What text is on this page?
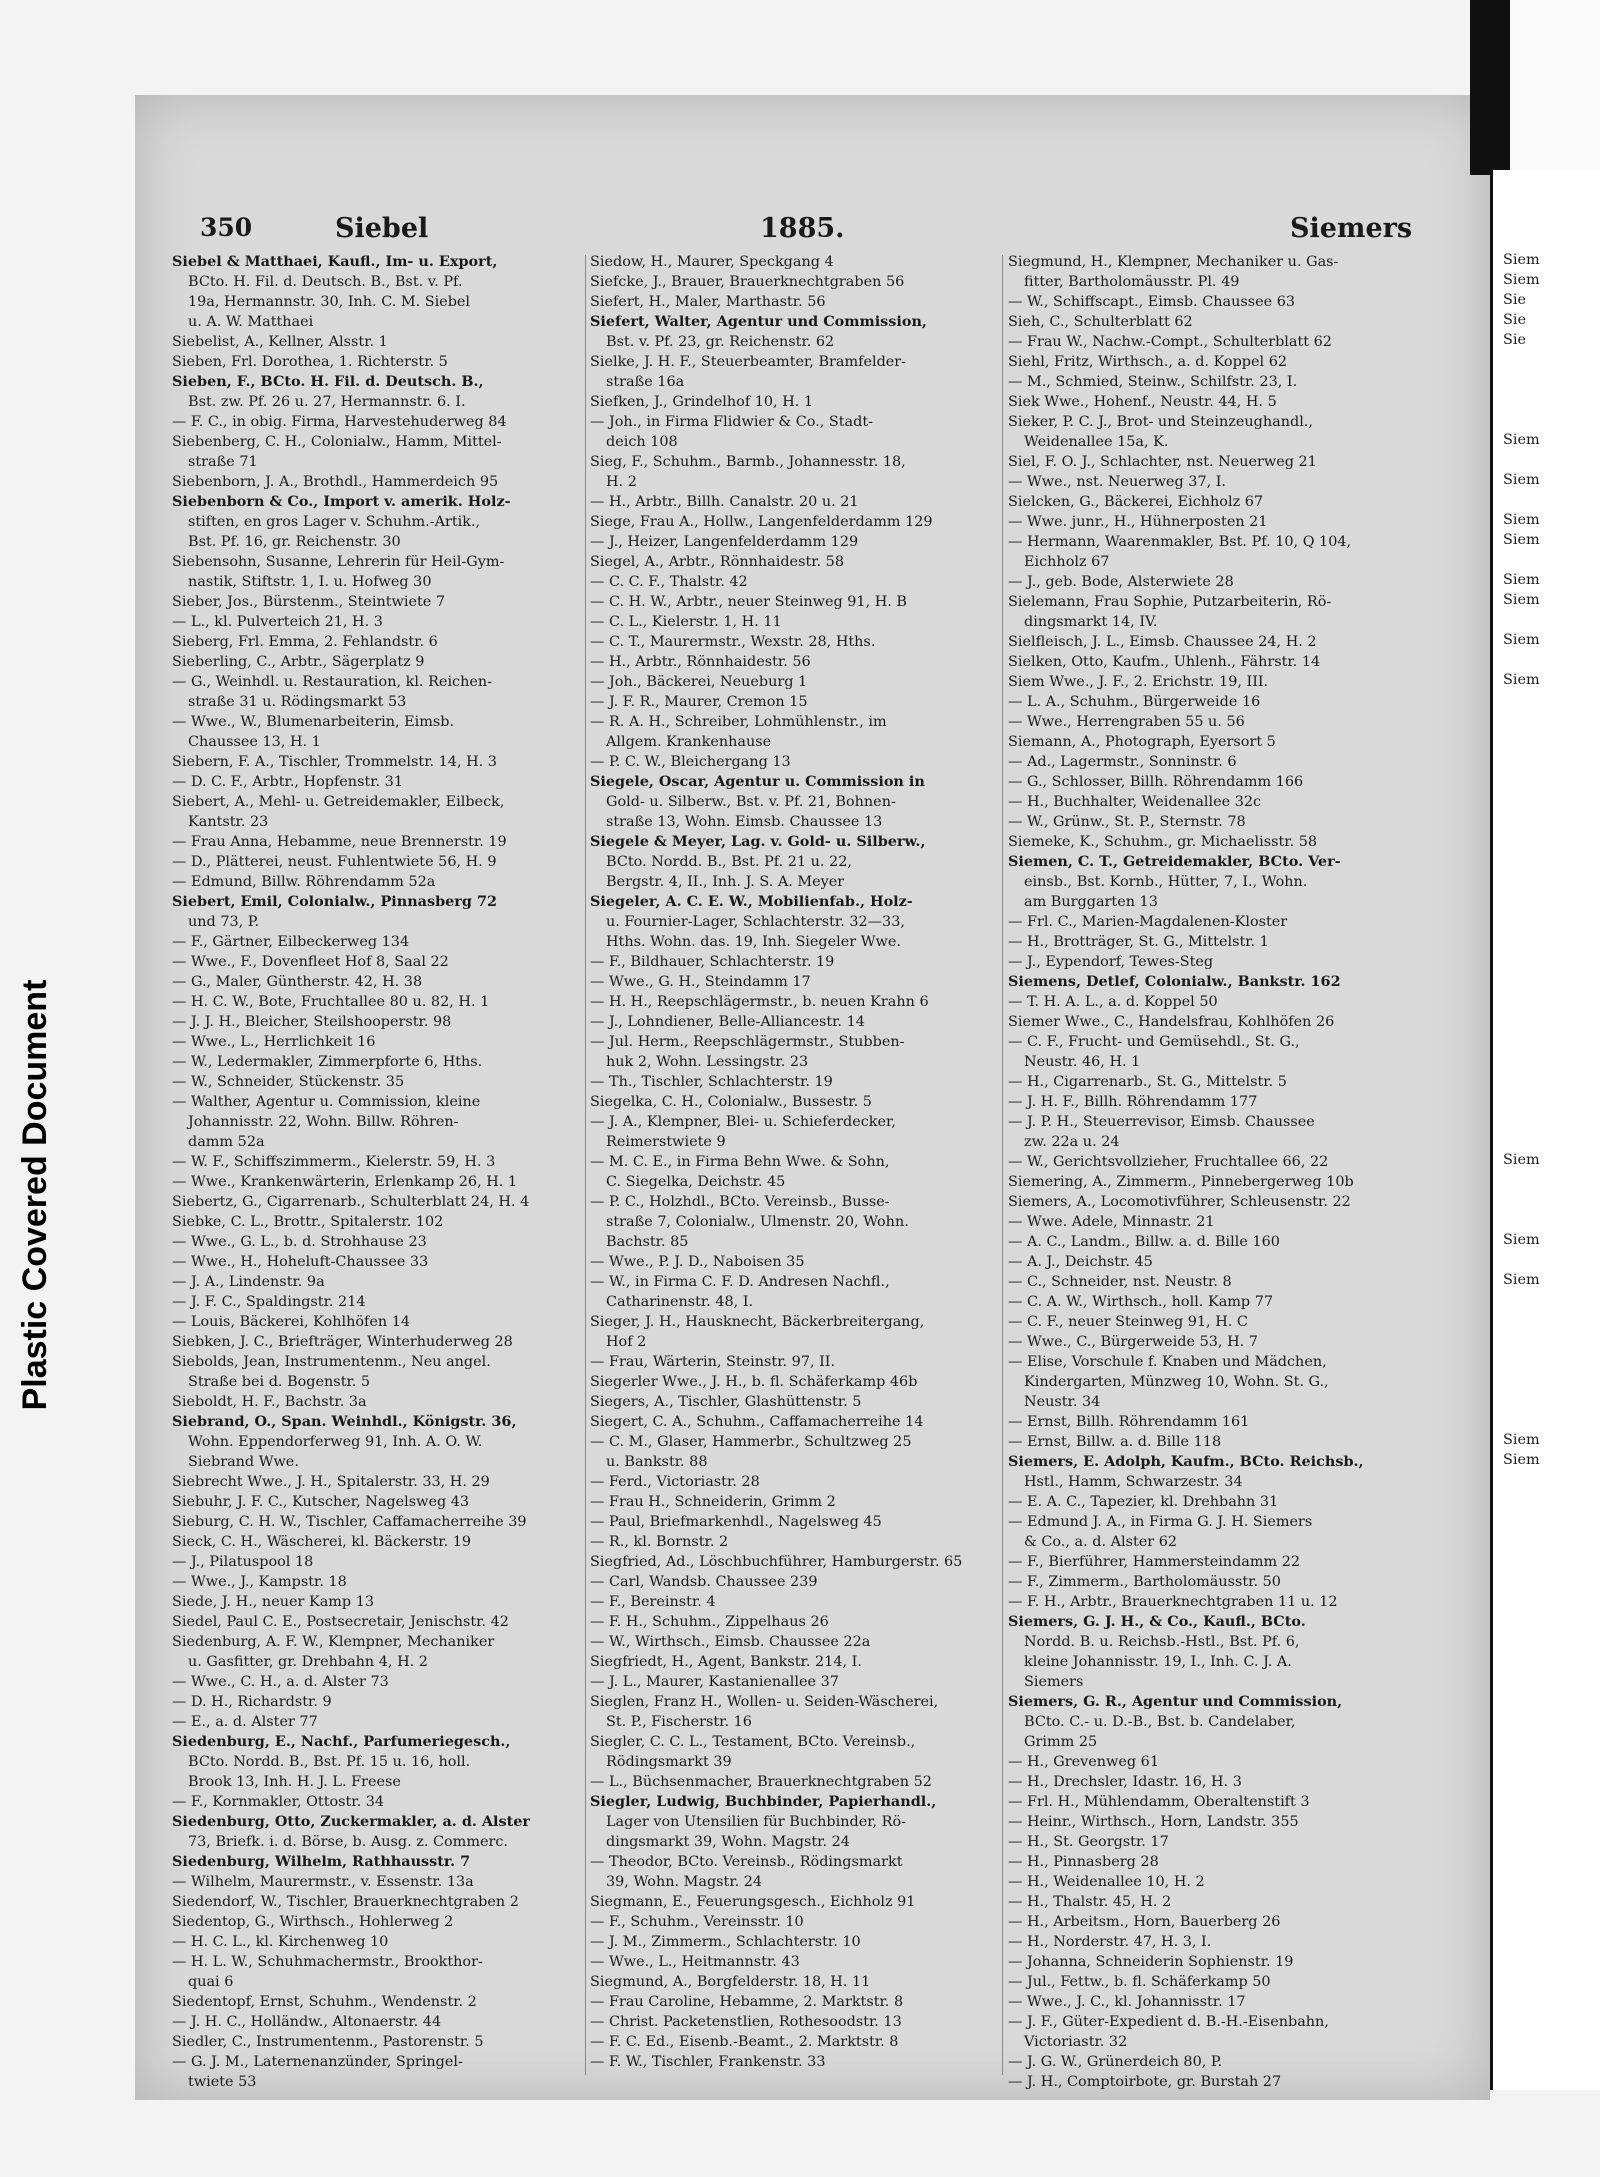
Siem
Siem
Sie
Sie
Sie
Siem
Siem
Siem
Siem
Siem
Siem
Siem
Siem
Siem
Siem
Siem
Siem
Siem
Plastic Covered Document
350	Siebel	1885.	Siemers
Siebel & Matthaei, Kaufl., Im- u. Export,
BCto. H. Fil. d. Deutsch. B., Bst. v. Pf.
19a, Hermannstr. 30, Inh. C. M. Siebel
u. A. W. Matthaei
Siebelist, A., Kellner, Alsstr. 1
Sieben, Frl. Dorothea, 1. Richterstr. 5
Sieben, F., BCto. H. Fil. d. Deutsch. B.,
Bst. zw. Pf. 26 u. 27, Hermannstr. 6. I.
— F. C., in obig. Firma, Harvestehuderweg 84
Siebenberg, C. H., Colonialw., Hamm, Mittel-
straße 71
Siebenborn, J. A., Brothdl., Hammerdeich 95
Siebenborn & Co., Import v. amerik. Holz-
stiften, en gros Lager v. Schuhm.-Artik.,
Bst. Pf. 16, gr. Reichenstr. 30
Siebensohn, Susanne, Lehrerin für Heil-Gym-
nastik, Stiftstr. 1, I. u. Hofweg 30
Sieber, Jos., Bürstenm., Steintwiete 7
— L., kl. Pulverteich 21, H. 3
Sieberg, Frl. Emma, 2. Fehlandstr. 6
Sieberling, C., Arbtr., Sägerplatz 9
— G., Weinhdl. u. Restauration, kl. Reichen-
straße 31 u. Rödingsmarkt 53
— Wwe., W., Blumenarbeiterin, Eimsb.
Chaussee 13, H. 1
Siebern, F. A., Tischler, Trommelstr. 14, H. 3
— D. C. F., Arbtr., Hopfenstr. 31
Siebert, A., Mehl- u. Getreidemakler, Eilbeck,
Kantstr. 23
— Frau Anna, Hebamme, neue Brennerstr. 19
— D., Plätterei, neust. Fuhlentwiete 56, H. 9
— Edmund, Billw. Röhrendamm 52a
Siebert, Emil, Colonialw., Pinnasberg 72
und 73, P.
— F., Gärtner, Eilbeckerweg 134
— Wwe., F., Dovenfleet Hof 8, Saal 22
— G., Maler, Güntherstr. 42, H. 38
— H. C. W., Bote, Fruchtallee 80 u. 82, H. 1
— J. J. H., Bleicher, Steilshooperstr. 98
— Wwe., L., Herrlichkeit 16
— W., Ledermakler, Zimmerpforte 6, Hths.
— W., Schneider, Stückenstr. 35
— Walther, Agentur u. Commission, kleine
Johannisstr. 22, Wohn. Billw. Röhren-
damm 52a
— W. F., Schiffszimmerm., Kielerstr. 59, H. 3
— Wwe., Krankenwärterin, Erlenkamp 26, H. 1
Siebertz, G., Cigarrenarb., Schulterblatt 24, H. 4
Siebke, C. L., Brottr., Spitalerstr. 102
— Wwe., G. L., b. d. Strohhause 23
— Wwe., H., Hoheluft-Chaussee 33
— J. A., Lindenstr. 9a
— J. F. C., Spaldingstr. 214
— Louis, Bäckerei, Kohlhöfen 14
Siebken, J. C., Briefträger, Winterhuderweg 28
Siebolds, Jean, Instrumentenm., Neu angel.
Straße bei d. Bogenstr. 5
Sieboldt, H. F., Bachstr. 3a
Siebrand, O., Span. Weinhdl., Königstr. 36,
Wohn. Eppendorferweg 91, Inh. A. O. W.
Siebrand Wwe.
Siebrecht Wwe., J. H., Spitalerstr. 33, H. 29
Siebuhr, J. F. C., Kutscher, Nagelsweg 43
Sieburg, C. H. W., Tischler, Caffamacherreihe 39
Sieck, C. H., Wäscherei, kl. Bäckerstr. 19
— J., Pilatuspool 18
— Wwe., J., Kampstr. 18
Siede, J. H., neuer Kamp 13
Siedel, Paul C. E., Postsecretair, Jenischstr. 42
Siedenburg, A. F. W., Klempner, Mechaniker
u. Gasfitter, gr. Drehbahn 4, H. 2
— Wwe., C. H., a. d. Alster 73
— D. H., Richardstr. 9
— E., a. d. Alster 77
Siedenburg, E., Nachf., Parfumeriegesch.,
BCto. Nordd. B., Bst. Pf. 15 u. 16, holl.
Brook 13, Inh. H. J. L. Freese
— F., Kornmakler, Ottostr. 34
Siedenburg, Otto, Zuckermakler, a. d. Alster
73, Briefk. i. d. Börse, b. Ausg. z. Commerc.
Siedenburg, Wilhelm, Rathhausstr. 7
— Wilhelm, Maurermstr., v. Essenstr. 13a
Siedendorf, W., Tischler, Brauerknechtgraben 2
Siedentop, G., Wirthsch., Hohlerweg 2
— H. C. L., kl. Kirchenweg 10
— H. L. W., Schuhmachermstr., Brookthor-
quai 6
Siedentopf, Ernst, Schuhm., Wendenstr. 2
— J. H. C., Holländw., Altonaerstr. 44
Siedler, C., Instrumentenm., Pastorenstr. 5
— G. J. M., Laternenanzünder, Springel-
twiete 53
Siedow, H., Maurer, Speckgang 4
Siefcke, J., Brauer, Brauerknechtgraben 56
Siefert, H., Maler, Marthastr. 56
Siefert, Walter, Agentur und Commission,
Bst. v. Pf. 23, gr. Reichenstr. 62
Sielke, J. H. F., Steuerbeamter, Bramfelder-
straße 16a
Siefken, J., Grindelhof 10, H. 1
— Joh., in Firma Flidwier & Co., Stadt-
deich 108
Sieg, F., Schuhm., Barmb., Johannesstr. 18,
H. 2
— H., Arbtr., Billh. Canalstr. 20 u. 21
Siege, Frau A., Hollw., Langenfelderdamm 129
— J., Heizer, Langenfelderdamm 129
Siegel, A., Arbtr., Rönnhaidestr. 58
— C. C. F., Thalstr. 42
— C. H. W., Arbtr., neuer Steinweg 91, H. B
— C. L., Kielerstr. 1, H. 11
— C. T., Maurermstr., Wexstr. 28, Hths.
— H., Arbtr., Rönnhaidestr. 56
— Joh., Bäckerei, Neueburg 1
— J. F. R., Maurer, Cremon 15
— R. A. H., Schreiber, Lohmühlenstr., im
Allgem. Krankenhause
— P. C. W., Bleichergang 13
Siegele, Oscar, Agentur u. Commission in
Gold- u. Silberw., Bst. v. Pf. 21, Bohnen-
straße 13, Wohn. Eimsb. Chaussee 13
Siegele & Meyer, Lag. v. Gold- u. Silberw.,
BCto. Nordd. B., Bst. Pf. 21 u. 22,
Bergstr. 4, II., Inh. J. S. A. Meyer
Siegeler, A. C. E. W., Mobilienfab., Holz-
u. Fournier-Lager, Schlachterstr. 32—33,
Hths. Wohn. das. 19, Inh. Siegeler Wwe.
— F., Bildhauer, Schlachterstr. 19
— Wwe., G. H., Steindamm 17
— H. H., Reepschlägermstr., b. neuen Krahn 6
— J., Lohndiener, Belle-Alliancestr. 14
— Jul. Herm., Reepschlägermstr., Stubben-
huk 2, Wohn. Lessingstr. 23
— Th., Tischler, Schlachterstr. 19
Siegelka, C. H., Colonialw., Bussestr. 5
— J. A., Klempner, Blei- u. Schieferdecker,
Reimerstwiete 9
— M. C. E., in Firma Behn Wwe. & Sohn,
C. Siegelka, Deichstr. 45
— P. C., Holzhdl., BCto. Vereinsb., Busse-
straße 7, Colonialw., Ulmenstr. 20, Wohn.
Bachstr. 85
— Wwe., P. J. D., Naboisen 35
— W., in Firma C. F. D. Andresen Nachfl.,
Catharinenstr. 48, I.
Sieger, J. H., Hausknecht, Bäckerbreitergang,
Hof 2
— Frau, Wärterin, Steinstr. 97, II.
Siegerler Wwe., J. H., b. fl. Schäferkamp 46b
Siegers, A., Tischler, Glashüttenstr. 5
Siegert, C. A., Schuhm., Caffamacherreihe 14
— C. M., Glaser, Hammerbr., Schultzweg 25
u. Bankstr. 88
— Ferd., Victoriastr. 28
— Frau H., Schneiderin, Grimm 2
— Paul, Briefmarkenhdl., Nagelsweg 45
— R., kl. Bornstr. 2
Siegfried, Ad., Löschbuchführer, Hamburgerstr. 65
— Carl, Wandsb. Chaussee 239
— F., Bereinstr. 4
— F. H., Schuhm., Zippelhaus 26
— W., Wirthsch., Eimsb. Chaussee 22a
Siegfriedt, H., Agent, Bankstr. 214, I.
— J. L., Maurer, Kastanienallee 37
Sieglen, Franz H., Wollen- u. Seiden-Wäscherei,
St. P., Fischerstr. 16
Siegler, C. C. L., Testament, BCto. Vereinsb.,
Rödingsmarkt 39
— L., Büchsenmacher, Brauerknechtgraben 52
Siegler, Ludwig, Buchbinder, Papierhandl.,
Lager von Utensilien für Buchbinder, Rö-
dingsmarkt 39, Wohn. Magstr. 24
— Theodor, BCto. Vereinsb., Rödingsmarkt
39, Wohn. Magstr. 24
Siegmann, E., Feuerungsgesch., Eichholz 91
— F., Schuhm., Vereinsstr. 10
— J. M., Zimmerm., Schlachterstr. 10
— Wwe., L., Heitmannstr. 43
Siegmund, A., Borgfelderstr. 18, H. 11
— Frau Caroline, Hebamme, 2. Marktstr. 8
— Christ. Packetenstlien, Rothesoodstr. 13
— F. C. Ed., Eisenb.-Beamt., 2. Marktstr. 8
— F. W., Tischler, Frankenstr. 33
Siegmund, H., Klempner, Mechaniker u. Gas-
fitter, Bartholomäusstr. Pl. 49
— W., Schiffscapt., Eimsb. Chaussee 63
Sieh, C., Schulterblatt 62
— Frau W., Nachw.-Compt., Schulterblatt 62
Siehl, Fritz, Wirthsch., a. d. Koppel 62
— M., Schmied, Steinw., Schilfstr. 23, I.
Siek Wwe., Hohenf., Neustr. 44, H. 5
Sieker, P. C. J., Brot- und Steinzeughandl.,
Weidenallee 15a, K.
Siel, F. O. J., Schlachter, nst. Neuerweg 21
— Wwe., nst. Neuerweg 37, I.
Sielcken, G., Bäckerei, Eichholz 67
— Wwe. junr., H., Hühnerposten 21
— Hermann, Waarenmakler, Bst. Pf. 10, Q 104,
Eichholz 67
— J., geb. Bode, Alsterwiete 28
Sielemann, Frau Sophie, Putzarbeiterin, Rö-
dingsmarkt 14, IV.
Sielfleisch, J. L., Eimsb. Chaussee 24, H. 2
Sielken, Otto, Kaufm., Uhlenh., Fährstr. 14
Siem Wwe., J. F., 2. Erichstr. 19, III.
— L. A., Schuhm., Bürgerweide 16
— Wwe., Herrengraben 55 u. 56
Siemann, A., Photograph, Eyersort 5
— Ad., Lagermstr., Sonninstr. 6
— G., Schlosser, Billh. Röhrendamm 166
— H., Buchhalter, Weidenallee 32c
— W., Grünw., St. P., Sternstr. 78
Siemeke, K., Schuhm., gr. Michaelisstr. 58
Siemen, C. T., Getreidemakler, BCto. Ver-
einsb., Bst. Kornb., Hütter, 7, I., Wohn.
am Burggarten 13
— Frl. C., Marien-Magdalenen-Kloster
— H., Brotträger, St. G., Mittelstr. 1
— J., Eypendorf, Tewes-Steg
Siemens, Detlef, Colonialw., Bankstr. 162
— T. H. A. L., a. d. Koppel 50
Siemer Wwe., C., Handelsfrau, Kohlhöfen 26
— C. F., Frucht- und Gemüsehdl., St. G.,
Neustr. 46, H. 1
— H., Cigarrenarb., St. G., Mittelstr. 5
— J. H. F., Billh. Röhrendamm 177
— J. P. H., Steuerrevisor, Eimsb. Chaussee
zw. 22a u. 24
— W., Gerichtsvollzieher, Fruchtallee 66, 22
Siemering, A., Zimmerm., Pinnebergerweg 10b
Siemers, A., Locomotivführer, Schleusenstr. 22
— Wwe. Adele, Minnastr. 21
— A. C., Landm., Billw. a. d. Bille 160
— A. J., Deichstr. 45
— C., Schneider, nst. Neustr. 8
— C. A. W., Wirthsch., holl. Kamp 77
— C. F., neuer Steinweg 91, H. C
— Wwe., C., Bürgerweide 53, H. 7
— Elise, Vorschule f. Knaben und Mädchen,
Kindergarten, Münzweg 10, Wohn. St. G.,
Neustr. 34
— Ernst, Billh. Röhrendamm 161
— Ernst, Billw. a. d. Bille 118
Siemers, E. Adolph, Kaufm., BCto. Reichsb.,
Hstl., Hamm, Schwarzestr. 34
— E. A. C., Tapezier, kl. Drehbahn 31
— Edmund J. A., in Firma G. J. H. Siemers
& Co., a. d. Alster 62
— F., Bierführer, Hammersteindamm 22
— F., Zimmerm., Bartholomäusstr. 50
— F. H., Arbtr., Brauerknechtgraben 11 u. 12
Siemers, G. J. H., & Co., Kaufl., BCto.
Nordd. B. u. Reichsb.-Hstl., Bst. Pf. 6,
kleine Johannisstr. 19, I., Inh. C. J. A.
Siemers
Siemers, G. R., Agentur und Commission,
BCto. C.- u. D.-B., Bst. b. Candelaber,
Grimm 25
— H., Grevenweg 61
— H., Drechsler, Idastr. 16, H. 3
— Frl. H., Mühlendamm, Oberaltenstift 3
— Heinr., Wirthsch., Horn, Landstr. 355
— H., St. Georgstr. 17
— H., Pinnasberg 28
— H., Weidenallee 10, H. 2
— H., Thalstr. 45, H. 2
— H., Arbeitsm., Horn, Bauerberg 26
— H., Norderstr. 47, H. 3, I.
— Johanna, Schneiderin Sophienstr. 19
— Jul., Fettw., b. fl. Schäferkamp 50
— Wwe., J. C., kl. Johannisstr. 17
— J. F., Güter-Expedient d. B.-H.-Eisenbahn,
Victoriastr. 32
— J. G. W., Grünerdeich 80, P.
— J. H., Comptoirbote, gr. Burstah 27
